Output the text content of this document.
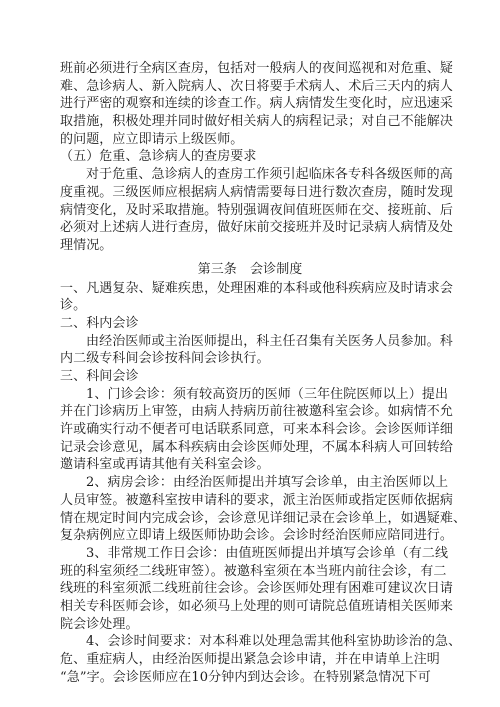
班前必须进行全病区查房，包括对一般病人的夜间巡视和对危重、疑
难、急诊病人、新入院病人、次日将要手术病人、术后三天内的病人
进行严密的观察和连续的诊查工作。病人病情发生变化时，应迅速采
取措施，积极处理并同时做好相关病人的病程记录；对自己不能解决
的问题，应立即请示上级医师。
（五）危重、急诊病人的查房要求
对于危重、急诊病人的查房工作须引起临床各专科各级医师的高
度重视。三级医师应根据病人病情需要每日进行数次查房，随时发现
病情变化，及时采取措施。特别强调夜间值班医师在交、接班前、后
必须对上述病人进行查房，做好床前交接班并及时记录病人病情及处
理情况。
第三条　会诊制度
一、凡遇复杂、疑难疾患，处理困难的本科或他科疾病应及时请求会
诊。
二、科内会诊
由经治医师或主治医师提出，科主任召集有关医务人员参加。科
内二级专科间会诊按科间会诊执行。
三、科间会诊
1、门诊会诊：须有较高资历的医师（三年住院医师以上）提出
并在门诊病历上审签，由病人持病历前往被邀科室会诊。如病情不允
许或确实行动不便者可电话联系同意，可来本科会诊。会诊医师详细
记录会诊意见，属本科疾病由会诊医师处理，不属本科病人可回转给
邀请科室或再请其他有关科室会诊。
2、病房会诊：由经治医师提出并填写会诊单，由主治医师以上
人员审签。被邀科室按申请科的要求，派主治医师或指定医师依据病
情在规定时间内完成会诊，会诊意见详细记录在会诊单上，如遇疑难、
复杂病例应立即请上级医师协助会诊。会诊时经治医师应陪同进行。
3、非常规工作日会诊：由值班医师提出并填写会诊单（有二线
班的科室须经二线班审签）。被邀科室须在本当班内前往会诊，有二
线班的科室须派二线班前往会诊。会诊医师处理有困难可建议次日请
相关专科医师会诊，如必须马上处理的则可请院总值班请相关医师来
院会诊处理。
4、会诊时间要求：对本科难以处理急需其他科室协助诊治的急、
危、重症病人，由经治医师提出紧急会诊申请，并在申请单上注明
“急”字。会诊医师应在10分钟内到达会诊。在特别紧急情况下可
